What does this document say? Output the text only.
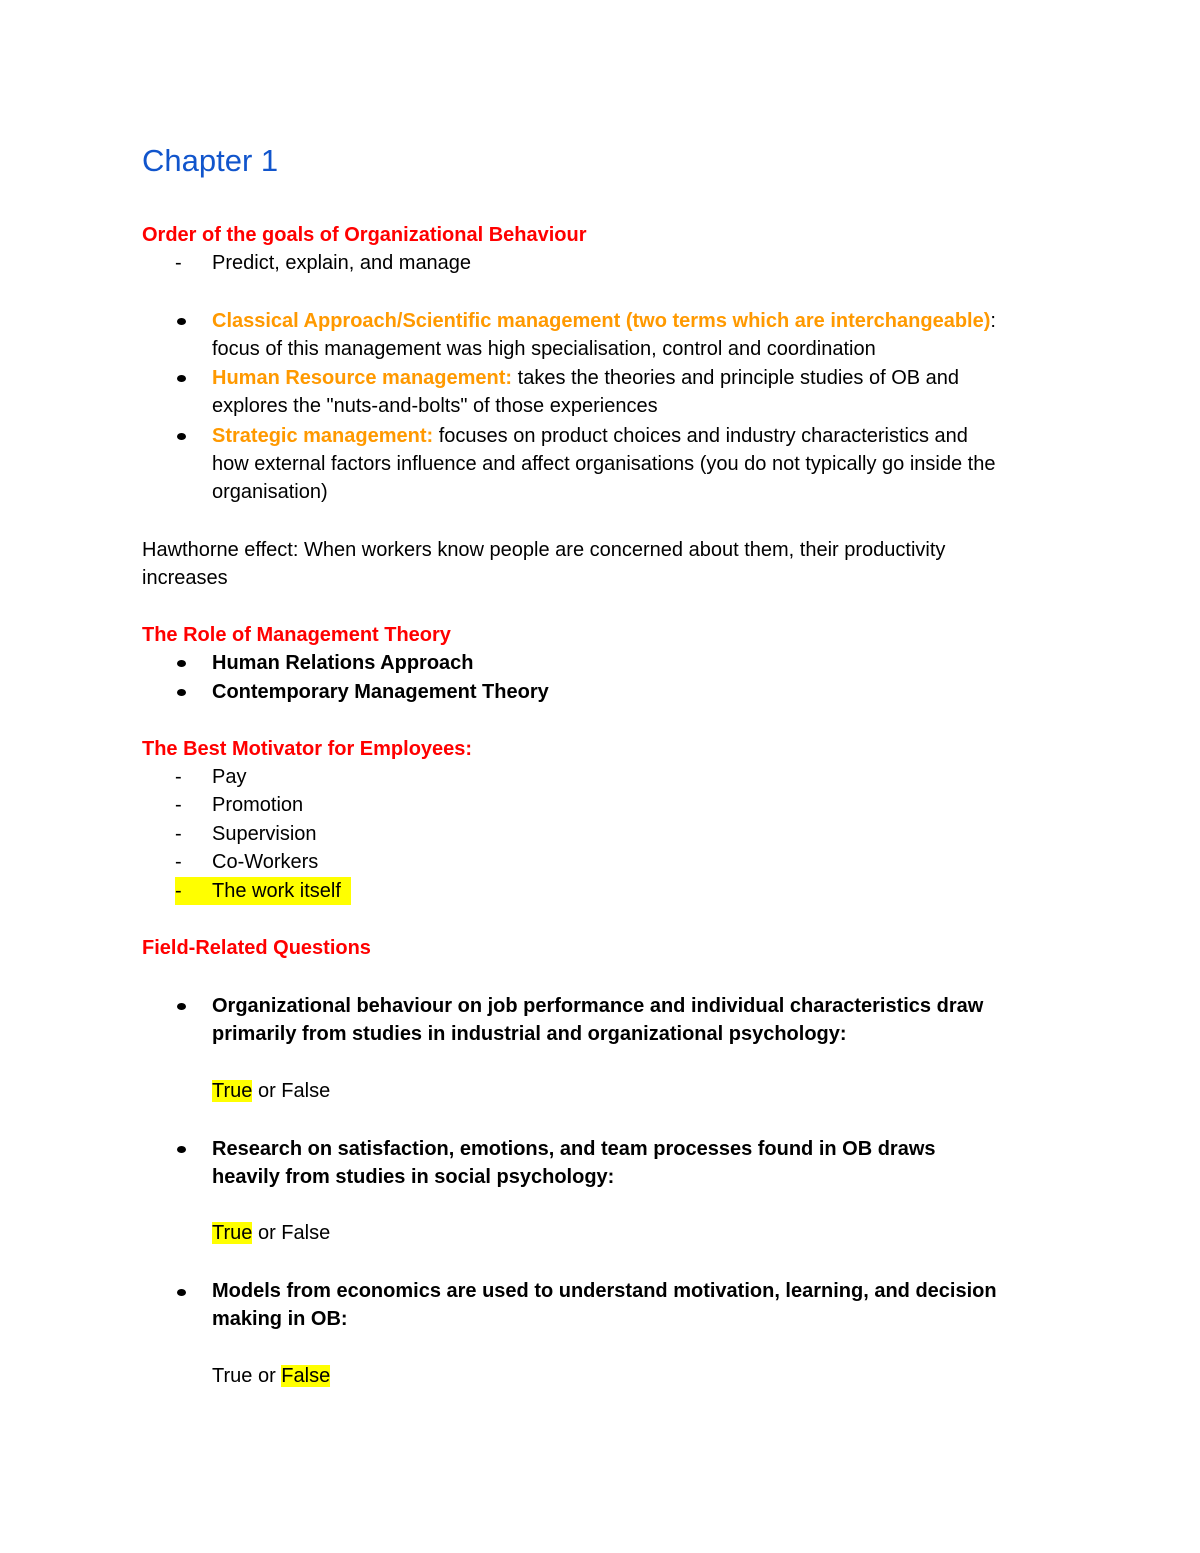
Chapter 1
Order of the goals of Organizational Behaviour
-	Predict, explain, and manage
Classical Approach/Scientific management (two terms which are interchangeable):
focus of this management was high specialisation, control and coordination
Human Resource management: takes the theories and principle studies of OB and
explores the "nuts-and-bolts" of those experiences
Strategic management: focuses on product choices and industry characteristics and
how external factors influence and affect organisations (you do not typically go inside the
organisation)
Hawthorne effect: When workers know people are concerned about them, their productivity
increases
The Role of Management Theory
Human Relations Approach
Contemporary Management Theory
The Best Motivator for Employees:
-	Pay
-	Promotion
-	Supervision
-	Co-Workers
-	The work itself
Field-Related Questions
Organizational behaviour on job performance and individual characteristics draw
primarily from studies in industrial and organizational psychology:
True or False
Research on satisfaction, emotions, and team processes found in OB draws
heavily from studies in social psychology:
True or False
Models from economics are used to understand motivation, learning, and decision
making in OB:
True or False
